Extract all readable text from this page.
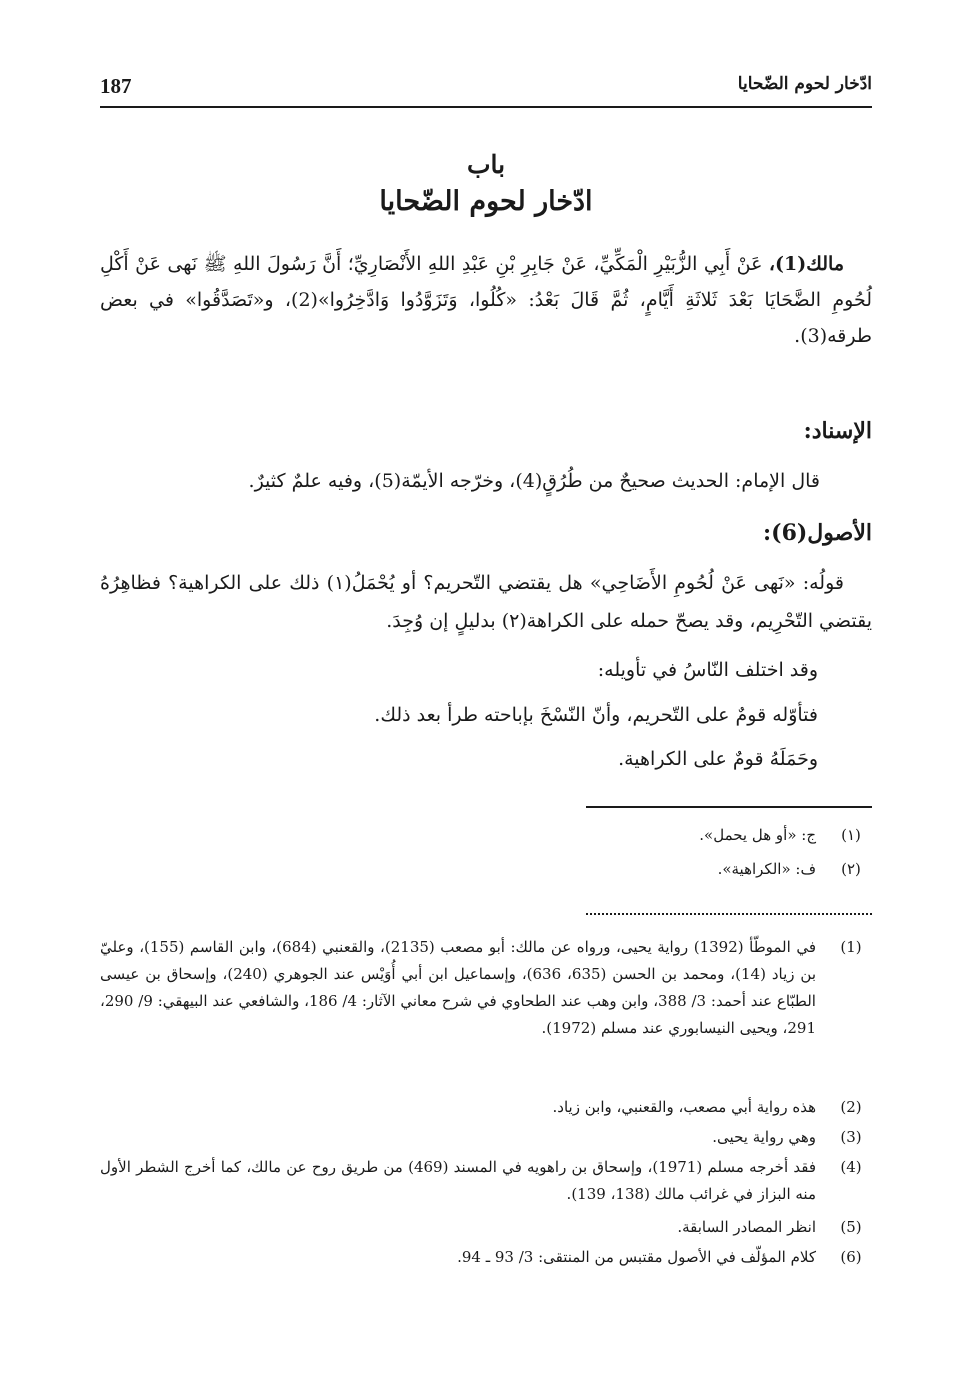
187	ادّخار لحوم الضّحايا
باب
ادّخار لحوم الضّحايا

مالك(1)، عَنْ أَبِي الزُّبَيْرِ الْمَكِّيِّ، عَنْ جَابِرِ بْنِ عَبْدِ اللهِ الأَنْصَارِيِّ؛ أَنَّ رَسُولَ اللهِ ﷺ نَهى عَنْ أَكْلِ لُحُومِ الضَّحَايَا بَعْدَ ثَلاثَةِ أَيَّامٍ، ثُمَّ قَالَ بَعْدُ: «كُلُوا، وَتَزَوَّدُوا وَادَّخِرُوا»(2)، و«تَصَدَّقُوا» في بعض طرقه(3).

الإسناد:
قال الإمام: الحديث صحيحٌ من طُرُقٍ(4)، وخرّجه الأيمّة(5)، وفيه علمٌ كثيرٌ.
الأصول(6):

قولُه: «نَهى عَنْ لُحُومِ الأَضَاحِي» هل يقتضي التّحريم؟ أو يُحْمَلُ(١) ذلك على الكراهية؟ فظاهِرُهُ يقتضي التّحْرِيم، وقد يصحّ حمله على الكراهة(٢) بدليلٍ إن وُجِدَ.

وقد اختلف النّاسُ في تأويله:
فتأوّله قومٌ على التّحريم، وأنّ النّسْخَ بإباحته طرأ بعد ذلك.
وحَمَلَهُ قومٌ على الكراهية.
(١)
ج: «أو هل يحمل».
(٢)
ف: «الكراهية».
(1)
في الموطّأ (1392) رواية يحيى، ورواه عن مالك: أبو مصعب (2135)، والقعنبي (684)، وابن القاسم (155)، وعليّ بن زياد (14)، ومحمد بن الحسن (635، 636)، وإسماعيل ابن أبي أُوَيْس عند الجوهري (240)، وإسحاق بن عيسى الطبّاع عند أحمد: 3/ 388، وابن وهب عند الطحاوي في شرح معاني الآثار: 4/ 186، والشافعي عند البيهقي: 9/ 290، 291، ويحيى النيسابوري عند مسلم (1972).
(2)
هذه رواية أبي مصعب، والقعنبي، وابن زياد.
(3)
وهي رواية يحيى.
(4)
فقد أخرجه مسلم (1971)، وإسحاق بن راهويه في المسند (469) من طريق روح عن مالك، كما أخرج الشطر الأول منه البزاز في غرائب مالك (138، 139).
(5)
انظر المصادر السابقة.
(6)
كلام المؤلّف في الأصول مقتبس من المنتقى: 3/ 93 ـ 94.
